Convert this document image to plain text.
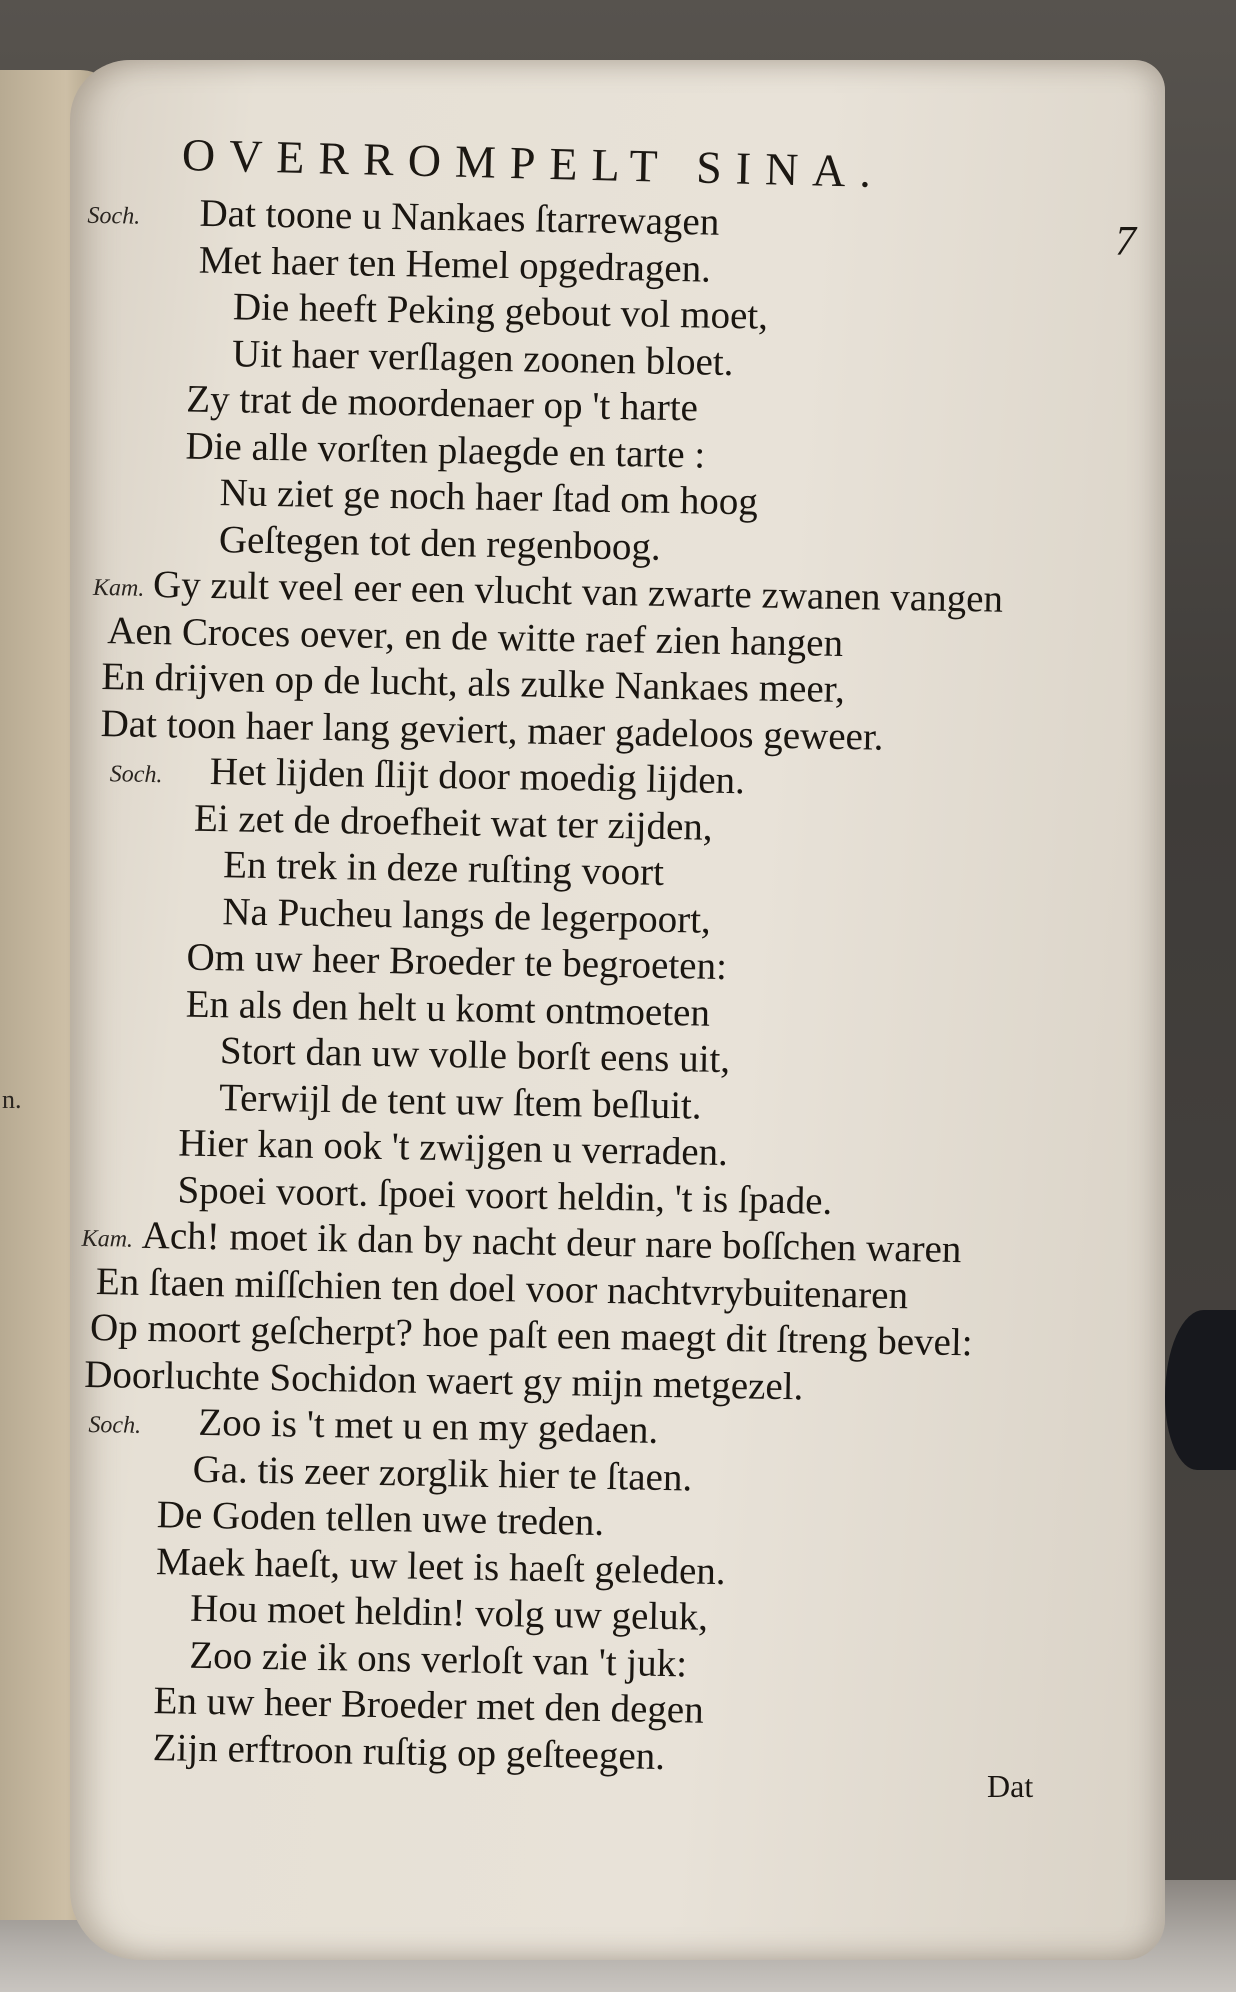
n.
OVERROMPELT SINA.
7
Soch. Dat toone u Nankaes ſtarrewagen
Met haer ten Hemel opgedragen.
Die heeft Peking gebout vol moet,
Uit haer verſlagen zoonen bloet.
Zy trat de moordenaer op 't harte
Die alle vorſten plaegde en tarte :
Nu ziet ge noch haer ſtad om hoog
Geſtegen tot den regenboog.
Kam. Gy zult veel eer een vlucht van zwarte zwanen vangen
Aen Croces oever, en de witte raef zien hangen
En drijven op de lucht, als zulke Nankaes meer,
Dat toon haer lang geviert, maer gadeloos geweer.
Soch. Het lijden ſlijt door moedig lijden.
Ei zet de droefheit wat ter zijden,
En trek in deze ruſting voort
Na Pucheu langs de legerpoort,
Om uw heer Broeder te begroeten:
En als den helt u komt ontmoeten
Stort dan uw volle borſt eens uit,
Terwijl de tent uw ſtem beſluit.
Hier kan ook 't zwijgen u verraden.
Spoei voort. ſpoei voort heldin, 't is ſpade.
Kam. Ach! moet ik dan by nacht deur nare boſſchen waren
En ſtaen miſſchien ten doel voor nachtvrybuitenaren
Op moort geſcherpt? hoe paſt een maegt dit ſtreng bevel:
Doorluchte Sochidon waert gy mijn metgezel.
Soch. Zoo is 't met u en my gedaen.
Ga. tis zeer zorglik hier te ſtaen.
De Goden tellen uwe treden.
Maek haeſt, uw leet is haeſt geleden.
Hou moet heldin! volg uw geluk,
Zoo zie ik ons verloſt van 't juk:
En uw heer Broeder met den degen
Zijn erftroon ruſtig op geſteegen.
Dat
